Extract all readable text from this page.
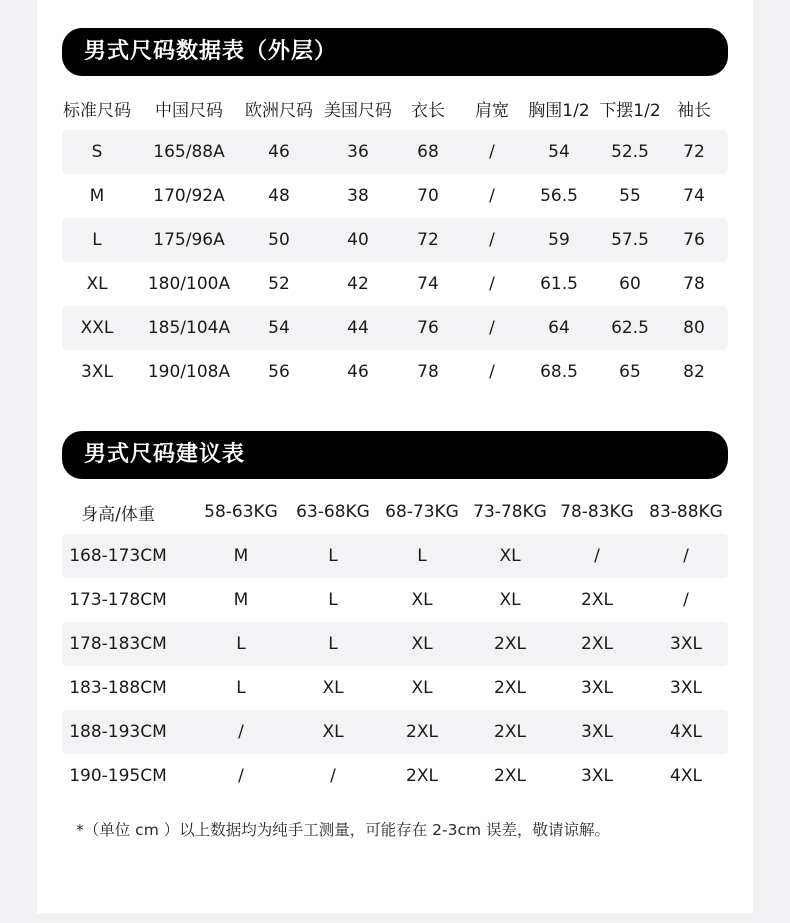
男式尺码数据表（外层）
标准尺码	中国尺码	欧洲尺码 美国尺码	衣长	肩宽	胸围1/2 下摆1/2 袖长
S	165/88A	46	36	68	/	54	52.5	72
M	170/92A	48	38	70	/	56.5	55	74
L	175/96A	50	40	72	/	59	57.5	76
XL	180/100A	52	42	74	/	61.5	60	78
XXL	185/104A	54	44	76	/	64	62.5	80
3XL	190/108A	56	46	78	/	68.5	65	82
男式尺码建议表
身高/体重	58-63KG	63-68KG 68-73KG 73-78KG 78-83KG 83-88KG
168-173CM	M	L	L	XL	/	/
173-178CM	M	L	XL	XL	2XL	/
178-183CM	L	L	XL	2XL	2XL	3XL
183-188CM	L	XL	XL	2XL	3XL	3XL
188-193CM	/	XL	2XL	2XL	3XL	4XL
190-195CM	/	/	2XL	2XL	3XL	4XL
*（单位 cm ）以上数据均为纯手工测量，可能存在 2-3cm 误差，敬请谅解。
